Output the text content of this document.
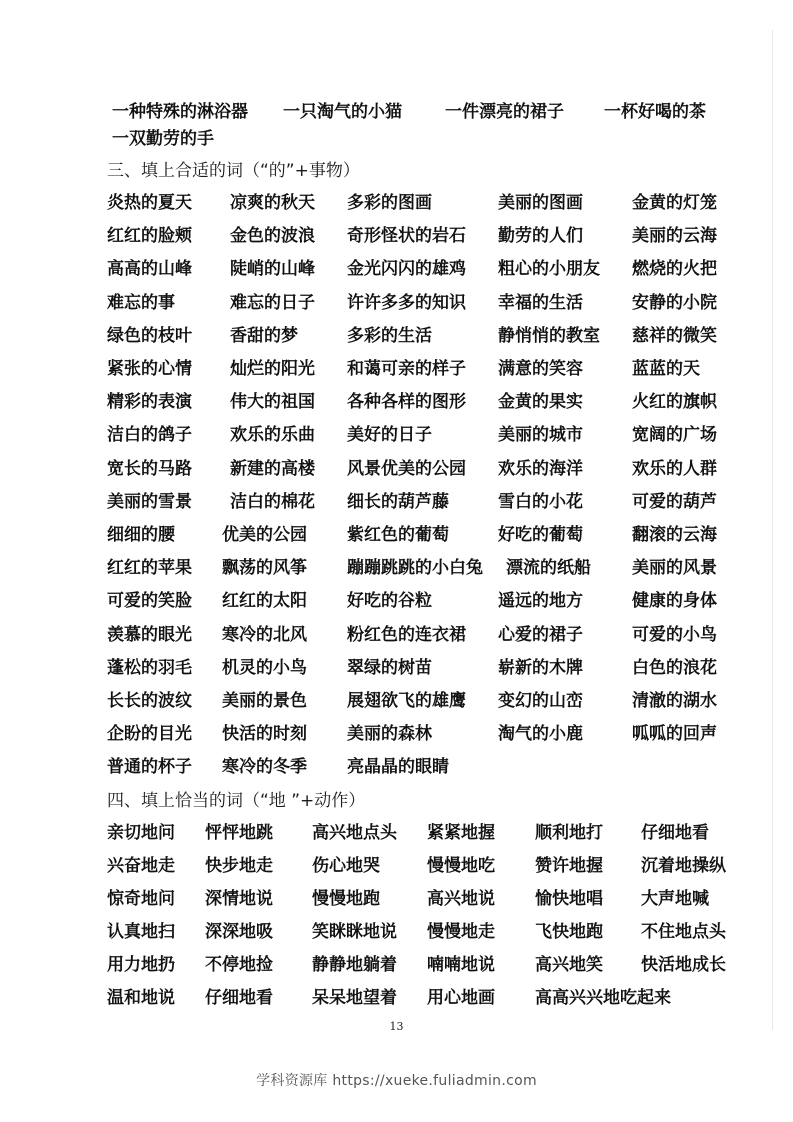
一种特殊的淋浴器 一只淘气的小猫	一件漂亮的裙子 一杯好喝的茶
一双勤劳的手
三、填上合适的词（“的”+事物）
炎热的夏天 凉爽的秋天 多彩的图画	美丽的图画	金黄的灯笼
红红的脸颊 金色的波浪 奇形怪状的岩石 勤劳的人们	美丽的云海
高高的山峰 陡峭的山峰 金光闪闪的雄鸡 粗心的小朋友 燃烧的火把
难忘的事	难忘的日子 许许多多的知识 幸福的生活	安静的小院
绿色的枝叶 香甜的梦	多彩的生活	静悄悄的教室 慈祥的微笑
紧张的心情 灿烂的阳光 和蔼可亲的样子 满意的笑容	蓝蓝的天
精彩的表演 伟大的祖国 各种各样的图形 金黄的果实	火红的旗帜
洁白的鸽子 欢乐的乐曲 美好的日子	美丽的城市	宽阔的广场
宽长的马路 新建的高楼 风景优美的公园 欢乐的海洋	欢乐的人群
美丽的雪景 洁白的棉花 细长的葫芦藤	雪白的小花	可爱的葫芦
细细的腰	优美的公园 紫红色的葡萄	好吃的葡萄	翻滚的云海
红红的苹果 飘荡的风筝 蹦蹦跳跳的小白兔 漂流的纸船 美丽的风景
可爱的笑脸 红红的太阳 好吃的谷粒	遥远的地方	健康的身体
羡慕的眼光 寒冷的北风 粉红色的连衣裙 心爱的裙子	可爱的小鸟
蓬松的羽毛 机灵的小鸟 翠绿的树苗	崭新的木牌	白色的浪花
长长的波纹 美丽的景色 展翅欲飞的雄鹰 变幻的山峦	清澈的湖水
企盼的目光 快活的时刻 美丽的森林	淘气的小鹿	呱呱的回声
普通的杯子 寒冷的冬季 亮晶晶的眼睛
四、填上恰当的词（“地 ”+动作）
亲切地问 怦怦地跳 高兴地点头 紧紧地握 顺利地打 仔细地看
兴奋地走 快步地走 伤心地哭	慢慢地吃 赞许地握 沉着地操纵
惊奇地问 深情地说 慢慢地跑	高兴地说 愉快地唱 大声地喊
认真地扫 深深地吸 笑眯眯地说 慢慢地走 飞快地跑 不住地点头
用力地扔 不停地捡 静静地躺着 喃喃地说 高兴地笑 快活地成长
温和地说 仔细地看 呆呆地望着 用心地画 高高兴兴地吃起来
13
学科资源库 https://xueke.fuliadmin.com
